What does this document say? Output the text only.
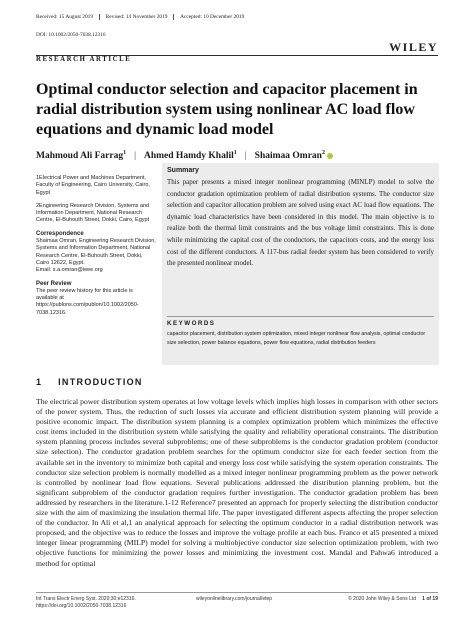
Received: 15 August 2019 Revised: 14 November 2019 Accepted: 10 December 2019
DOI: 10.1002/2050-7038.12316
WILEY
RESEARCH ARTICLE
Optimal conductor selection and capacitor placement in radial distribution system using nonlinear AC load flow equations and dynamic load model
Mahmoud Ali Farrag$^1$ | Ahmed Hamdy Khalil$^1$ | Shaimaa Omran$^2$
1Electrical Power and Machines Department, Faculty of Engineering, Cairo University, Cairo, Egypt
2Engineering Research Division, Systems and Information Department, National Research Centre, El-Buhouth Street, Dokki, Cairo, Egypt
Correspondence
Shaimaa Omran, Engineering Research Division, Systems and Information Department, National Research Centre, El-Buhouth Street, Dokki, Cairo 12622, Egypt.
Email: s.a.omran@ieee.org
Peer Review
The peer review history for this article is available at https://publons.com/publon/10.1002/2050-7038.12316.
Summary
This paper presents a mixed integer nonlinear programming (MINLP) model to solve the conductor gradation optimization problem of radial distribution systems. The conductor size selection and capacitor allocation problem are solved using exact AC load flow equations. The dynamic load characteristics have been considered in this model. The main objective is to realize both the thermal limit constraints and the bus voltage limit constraints. This is done while minimizing the capital cost of the conductors, the capacitors costs, and the energy loss cost of the different conductors. A 117-bus radial feeder system has been considered to verify the presented nonlinear model.
KEYWORDS
capacitor placement, distribution system optimization, mixed integer nonlinear flow analysis, optimal conductor size selection, power balance equations, power flow equations, radial distribution feeders
1 INTRODUCTION
The electrical power distribution system operates at low voltage levels which implies high losses in comparison with other sectors of the power system. Thus, the reduction of such losses via accurate and efficient distribution system planning will provide a positive economic impact. The distribution system planning is a complex optimization problem which minimizes the effective cost items included in the distribution system while satisfying the quality and reliability operational constraints. The distribution system planning process includes several subproblems; one of these subproblems is the conductor gradation problem (conductor size selection). The conductor gradation problem searches for the optimum conductor size for each feeder section from the available set in the inventory to minimize both capital and energy loss cost while satisfying the system operation constraints. The conductor size selection problem is normally modelled as a mixed integer nonlinear programming problem as the power network is controlled by nonlinear load flow equations. Several publications addressed the distribution planning problem, but the significant subproblem of the conductor gradation requires further investigation. The conductor gradation problem has been addressed by researchers in the literature.1-12 Reference7 presented an approach for properly selecting the distribution conductor size with the aim of maximizing the insulation thermal life. The paper investigated different aspects affecting the proper selection of the conductor. In Ali et al,1 an analytical approach for selecting the optimum conductor in a radial distribution network was proposed, and the objective was to reduce the losses and improve the voltage profile at each bus. Franco et al5 presented a mixed integer linear programming (MILP) model for solving a multiobjective conductor size selection optimization problem, with two objective functions for minimizing the power losses and minimizing the investment cost. Mandal and Pahwa6 introduced a method for optimal
Int Trans Electr Energ Syst. 2020;30:e12316.
https://doi.org/10.1002/2050-7038.12316
wileyonlinelibrary.com/journal/etep	© 2020 John Wiley & Sons Ltd 1 of 19
